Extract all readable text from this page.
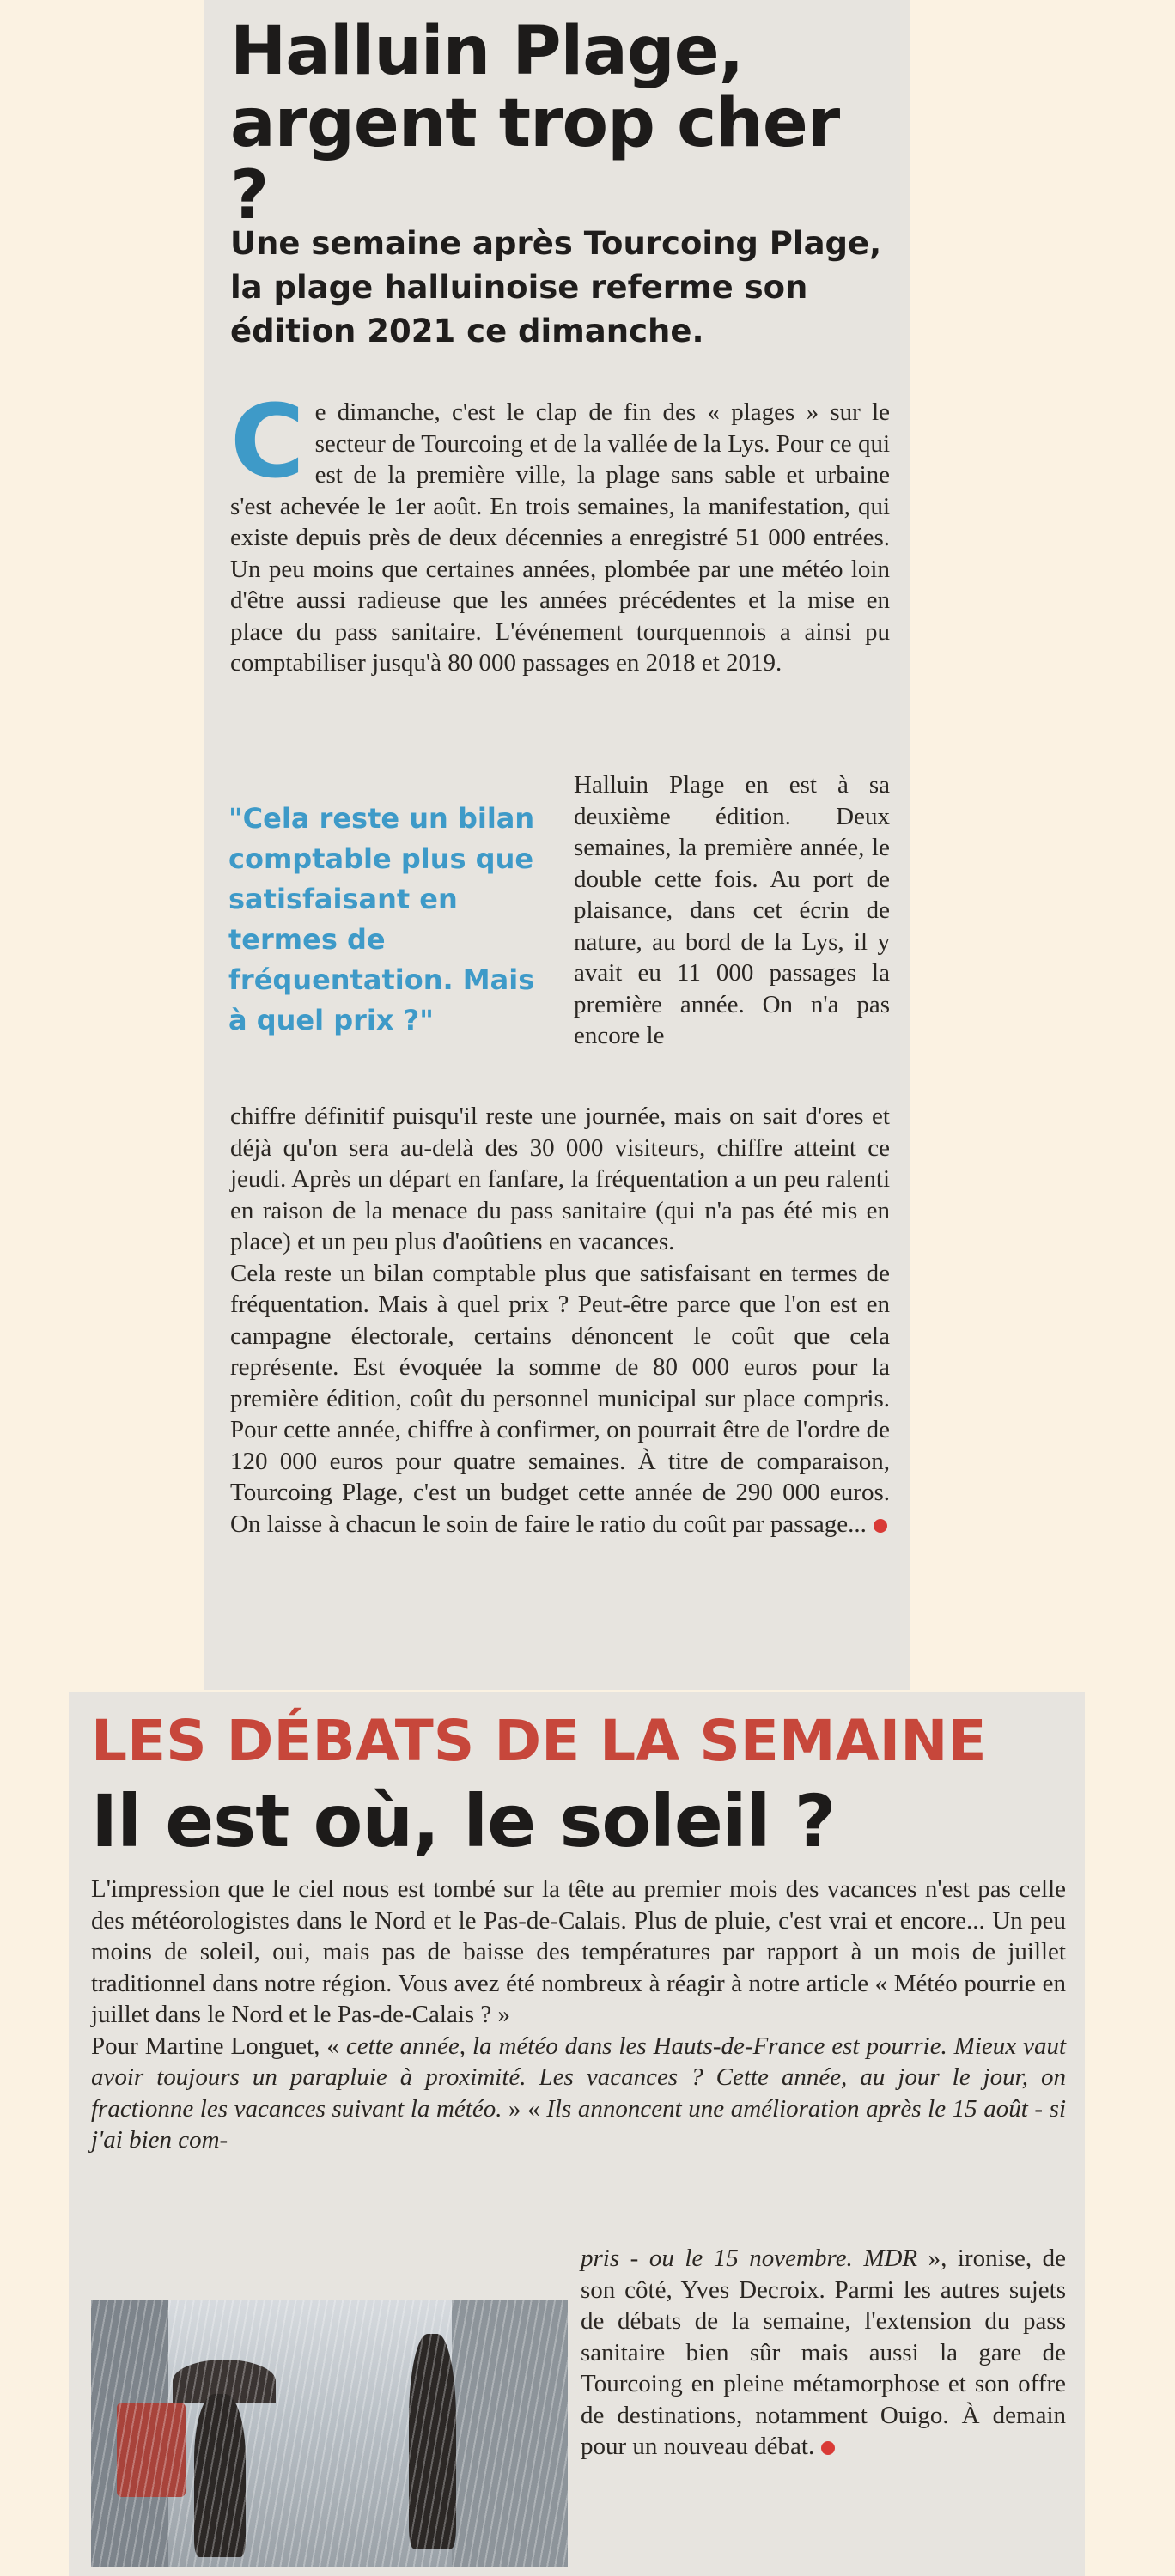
Halluin Plage,
argent trop cher ?

Une semaine après Tourcoing Plage, la plage halluinoise referme son édition 2021 ce dimanche.

C e dimanche, c'est le clap de fin des « plages » sur le secteur de Tourcoing et de la vallée de la Lys. Pour ce qui est de la première ville, la plage sans sable et urbaine s'est achevée le 1er août. En trois semaines, la manifestation, qui existe depuis près de deux décennies a enregistré 51 000 entrées. Un peu moins que certaines années, plombée par une météo loin d'être aussi radieuse que les années précédentes et la mise en place du pass sanitaire. L'événement tourquennois a ainsi pu comptabiliser jusqu'à 80 000 passages en 2018 et 2019.

"Cela reste un bilan comptable plus que satisfaisant en termes de fréquentation. Mais à quel prix ?"

Halluin Plage en est à sa deuxième édition. Deux semaines, la première année, le double cette fois. Au port de plaisance, dans cet écrin de nature, au bord de la Lys, il y avait eu 11 000 passages la première année. On n'a pas encore le

chiffre définitif puisqu'il reste une journée, mais on sait d'ores et déjà qu'on sera au-delà des 30 000 visiteurs, chiffre atteint ce jeudi. Après un départ en fanfare, la fréquentation a un peu ralenti en raison de la menace du pass sanitaire (qui n'a pas été mis en place) et un peu plus d'aoûtiens en vacances.

Cela reste un bilan comptable plus que satisfaisant en termes de fréquentation. Mais à quel prix ? Peut-être parce que l'on est en campagne électorale, certains dénoncent le coût que cela représente. Est évoquée la somme de 80 000 euros pour la première édition, coût du personnel municipal sur place compris. Pour cette année, chiffre à confirmer, on pourrait être de l'ordre de 120 000 euros pour quatre semaines. À titre de comparaison, Tourcoing Plage, c'est un budget cette année de 290 000 euros. On laisse à chacun le soin de faire le ratio du coût par passage...

LES DÉBATS DE LA SEMAINE
Il est où, le soleil ?

L'impression que le ciel nous est tombé sur la tête au premier mois des vacances n'est pas celle des météorologistes dans le Nord et le Pas-de-Calais. Plus de pluie, c'est vrai et encore... Un peu moins de soleil, oui, mais pas de baisse des températures par rapport à un mois de juillet traditionnel dans notre région. Vous avez été nombreux à réagir à notre article « Météo pourrie en juillet dans le Nord et le Pas-de-Calais ? »

Pour Martine Longuet, « cette année, la météo dans les Hauts-de-France est pourrie. Mieux vaut avoir toujours un parapluie à proximité. Les vacances ? Cette année, au jour le jour, on fractionne les vacances suivant la météo. » « Ils annoncent une amélioration après le 15 août - si j'ai bien com-

pris - ou le 15 novembre. MDR », ironise, de son côté, Yves Decroix. Parmi les autres sujets de débats de la semaine, l'extension du pass sanitaire bien sûr mais aussi la gare de Tourcoing en pleine métamorphose et son offre de destinations, notamment Ouigo. À demain pour un nouveau débat.
